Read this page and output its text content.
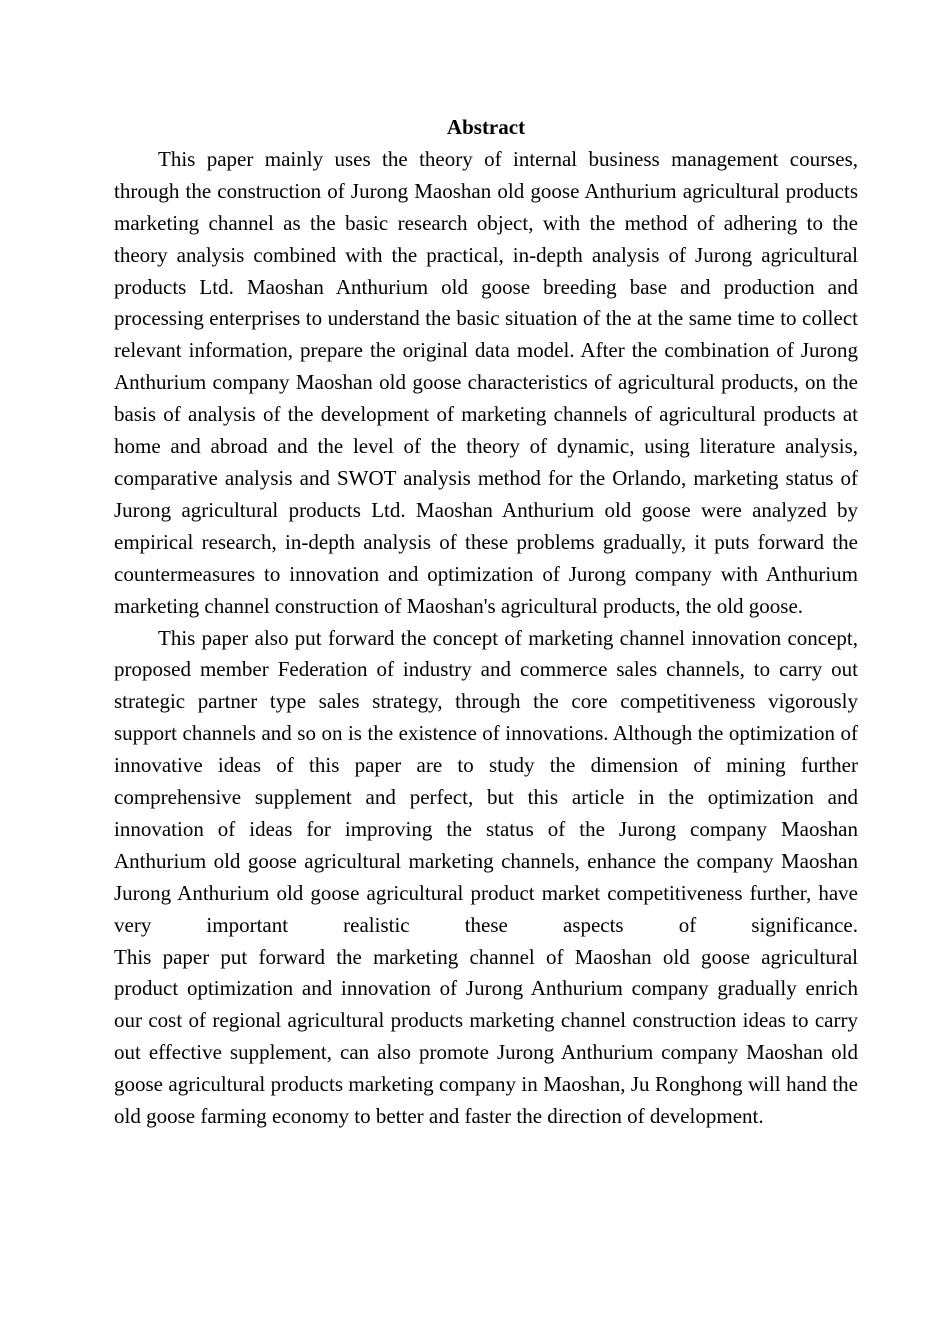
Abstract

This paper mainly uses the theory of internal business management courses, through the construction of Jurong Maoshan old goose Anthurium agricultural products marketing channel as the basic research object, with the method of adhering to the theory analysis combined with the practical, in-depth analysis of Jurong agricultural products Ltd. Maoshan Anthurium old goose breeding base and production and processing enterprises to understand the basic situation of the at the same time to collect relevant information, prepare the original data model. After the combination of Jurong Anthurium company Maoshan old goose characteristics of agricultural products, on the basis of analysis of the development of marketing channels of agricultural products at home and abroad and the level of the theory of dynamic, using literature analysis, comparative analysis and SWOT analysis method for the Orlando, marketing status of Jurong agricultural products Ltd. Maoshan Anthurium old goose were analyzed by empirical research, in-depth analysis of these problems gradually, it puts forward the countermeasures to innovation and optimization of Jurong company with Anthurium marketing channel construction of Maoshan's agricultural products, the old goose.

This paper also put forward the concept of marketing channel innovation concept, proposed member Federation of industry and commerce sales channels, to carry out strategic partner type sales strategy, through the core competitiveness vigorously support channels and so on is the existence of innovations. Although the optimization of innovative ideas of this paper are to study the dimension of mining further comprehensive supplement and perfect, but this article in the optimization and innovation of ideas for improving the status of the Jurong company Maoshan Anthurium old goose agricultural marketing channels, enhance the company Maoshan Jurong Anthurium old goose agricultural product market competitiveness further, have very important realistic these aspects of significance.

This paper put forward the marketing channel of Maoshan old goose agricultural product optimization and innovation of Jurong Anthurium company gradually enrich our cost of regional agricultural products marketing channel construction ideas to carry out effective supplement, can also promote Jurong Anthurium company Maoshan old goose agricultural products marketing company in Maoshan, Ju Ronghong will hand the old goose farming economy to better and faster the direction of development.
